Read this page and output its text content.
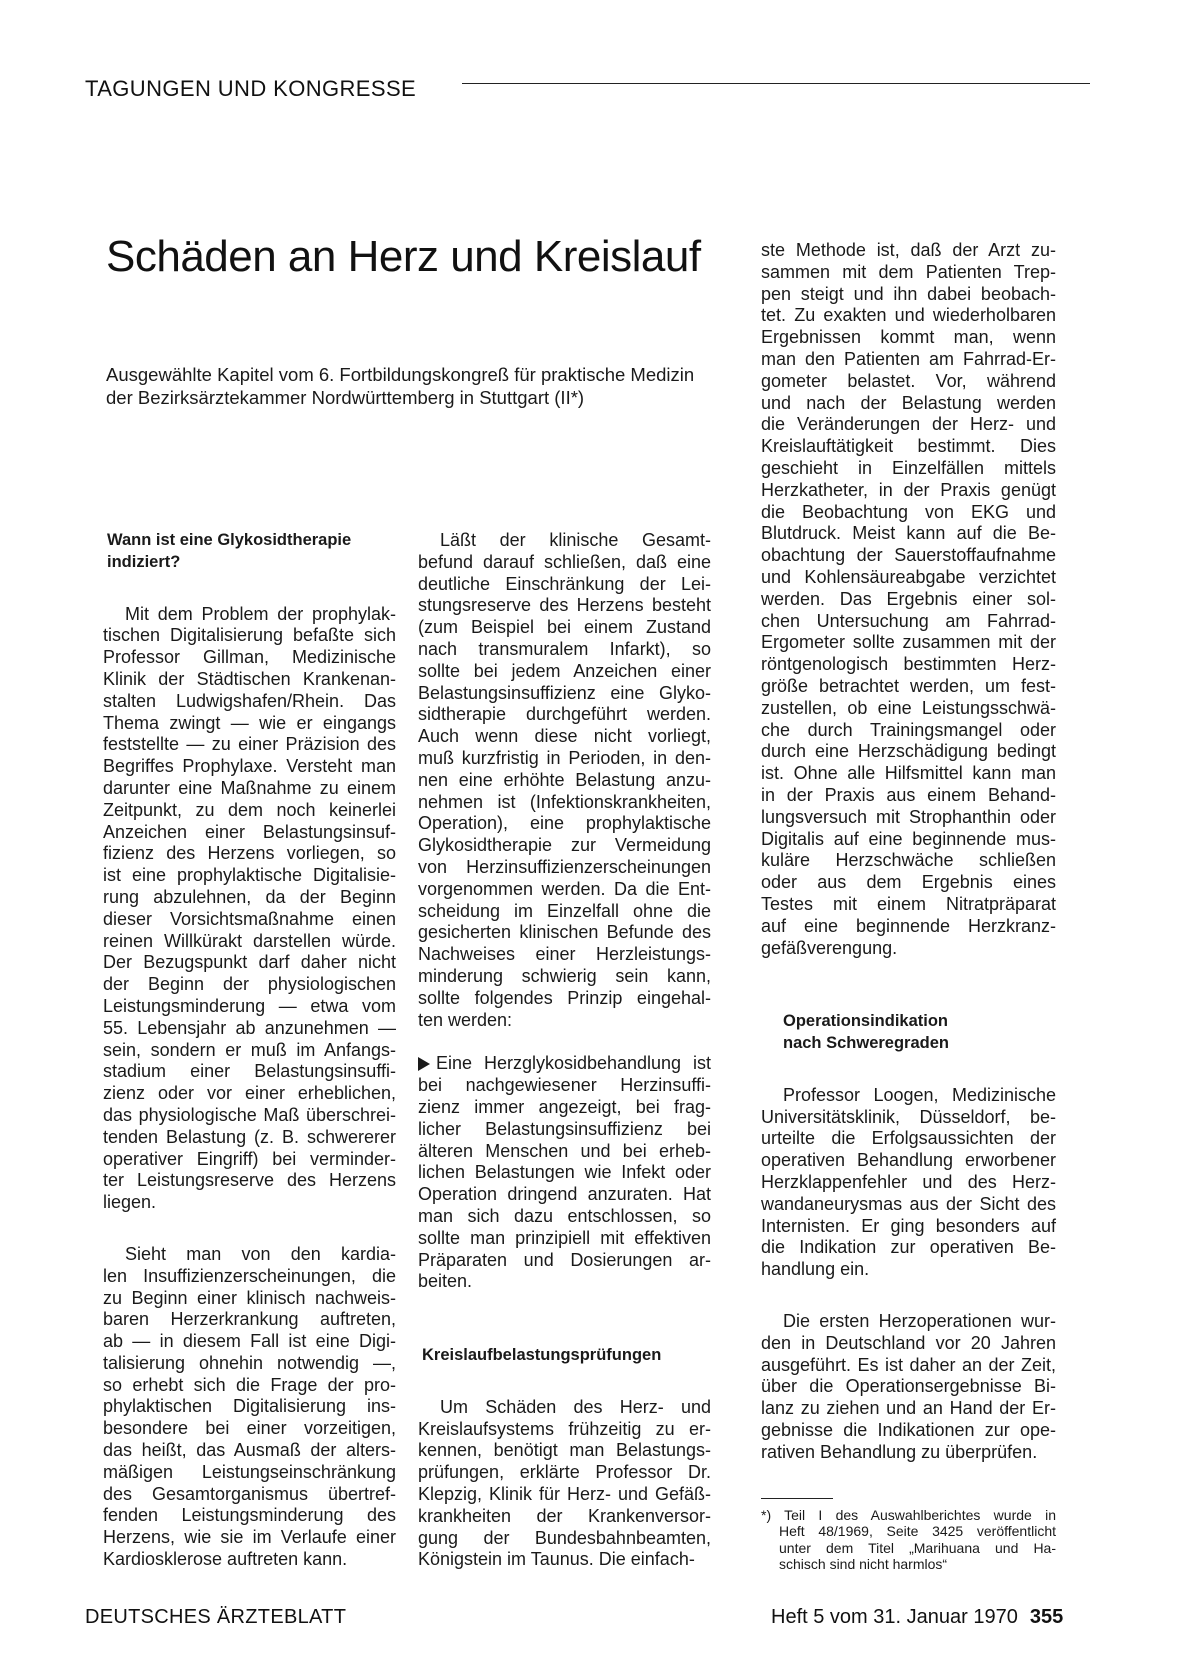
TAGUNGEN UND KONGRESSE
Schäden an Herz und Kreislauf
Ausgewählte Kapitel vom 6. Fortbildungskongreß für praktische Medizin
der Bezirksärztekammer Nordwürttemberg in Stuttgart (II*)
Wann ist eine Glykosidtherapie
indiziert?
Mit dem Problem der prophylak-
tischen Digitalisierung befaßte sich
Professor Gillman, Medizinische
Klinik der Städtischen Krankenan-
stalten Ludwigshafen/Rhein. Das
Thema zwingt — wie er eingangs
feststellte — zu einer Präzision des
Begriffes Prophylaxe. Versteht man
darunter eine Maßnahme zu einem
Zeitpunkt, zu dem noch keinerlei
Anzeichen einer Belastungsinsuf-
fizienz des Herzens vorliegen, so
ist eine prophylaktische Digitalisie-
rung abzulehnen, da der Beginn
dieser Vorsichtsmaßnahme einen
reinen Willkürakt darstellen würde.
Der Bezugspunkt darf daher nicht
der Beginn der physiologischen
Leistungsminderung — etwa vom
55. Lebensjahr ab anzunehmen —
sein, sondern er muß im Anfangs-
stadium einer Belastungsinsuffi-
zienz oder vor einer erheblichen,
das physiologische Maß überschrei-
tenden Belastung (z. B. schwererer
operativer Eingriff) bei verminder-
ter Leistungsreserve des Herzens
liegen.
Sieht man von den kardia-
len Insuffizienzerscheinungen, die
zu Beginn einer klinisch nachweis-
baren Herzerkrankung auftreten,
ab — in diesem Fall ist eine Digi-
talisierung ohnehin notwendig —,
so erhebt sich die Frage der pro-
phylaktischen Digitalisierung ins-
besondere bei einer vorzeitigen,
das heißt, das Ausmaß der alters-
mäßigen Leistungseinschränkung
des Gesamtorganismus übertref-
fenden Leistungsminderung des
Herzens, wie sie im Verlaufe einer
Kardiosklerose auftreten kann.
Läßt der klinische Gesamt-
befund darauf schließen, daß eine
deutliche Einschränkung der Lei-
stungsreserve des Herzens besteht
(zum Beispiel bei einem Zustand
nach transmuralem Infarkt), so
sollte bei jedem Anzeichen einer
Belastungsinsuffizienz eine Glyko-
sidtherapie durchgeführt werden.
Auch wenn diese nicht vorliegt,
muß kurzfristig in Perioden, in den-
nen eine erhöhte Belastung anzu-
nehmen ist (Infektionskrankheiten,
Operation), eine prophylaktische
Glykosidtherapie zur Vermeidung
von Herzinsuffizienzerscheinungen
vorgenommen werden. Da die Ent-
scheidung im Einzelfall ohne die
gesicherten klinischen Befunde des
Nachweises einer Herzleistungs-
minderung schwierig sein kann,
sollte folgendes Prinzip eingehal-
ten werden:
Eine Herzglykosidbehandlung ist
bei nachgewiesener Herzinsuffi-
zienz immer angezeigt, bei frag-
licher Belastungsinsuffizienz bei
älteren Menschen und bei erheb-
lichen Belastungen wie Infekt oder
Operation dringend anzuraten. Hat
man sich dazu entschlossen, so
sollte man prinzipiell mit effektiven
Präparaten und Dosierungen ar-
beiten.
Kreislaufbelastungsprüfungen
Um Schäden des Herz- und
Kreislaufsystems frühzeitig zu er-
kennen, benötigt man Belastungs-
prüfungen, erklärte Professor Dr.
Klepzig, Klinik für Herz- und Gefäß-
krankheiten der Krankenversor-
gung der Bundesbahnbeamten,
Königstein im Taunus. Die einfach-
ste Methode ist, daß der Arzt zu-
sammen mit dem Patienten Trep-
pen steigt und ihn dabei beobach-
tet. Zu exakten und wiederholbaren
Ergebnissen kommt man, wenn
man den Patienten am Fahrrad-Er-
gometer belastet. Vor, während
und nach der Belastung werden
die Veränderungen der Herz- und
Kreislauftätigkeit bestimmt. Dies
geschieht in Einzelfällen mittels
Herzkatheter, in der Praxis genügt
die Beobachtung von EKG und
Blutdruck. Meist kann auf die Be-
obachtung der Sauerstoffaufnahme
und Kohlensäureabgabe verzichtet
werden. Das Ergebnis einer sol-
chen Untersuchung am Fahrrad-
Ergometer sollte zusammen mit der
röntgenologisch bestimmten Herz-
größe betrachtet werden, um fest-
zustellen, ob eine Leistungsschwä-
che durch Trainingsmangel oder
durch eine Herzschädigung bedingt
ist. Ohne alle Hilfsmittel kann man
in der Praxis aus einem Behand-
lungsversuch mit Strophanthin oder
Digitalis auf eine beginnende mus-
kuläre Herzschwäche schließen
oder aus dem Ergebnis eines
Testes mit einem Nitratpräparat
auf eine beginnende Herzkranz-
gefäßverengung.
Operationsindikation
nach Schweregraden
Professor Loogen, Medizinische
Universitätsklinik, Düsseldorf, be-
urteilte die Erfolgsaussichten der
operativen Behandlung erworbener
Herzklappenfehler und des Herz-
wandaneurysmas aus der Sicht des
Internisten. Er ging besonders auf
die Indikation zur operativen Be-
handlung ein.
Die ersten Herzoperationen wur-
den in Deutschland vor 20 Jahren
ausgeführt. Es ist daher an der Zeit,
über die Operationsergebnisse Bi-
lanz zu ziehen und an Hand der Er-
gebnisse die Indikationen zur ope-
rativen Behandlung zu überprüfen.
*) Teil I des Auswahlberichtes wurde in
Heft 48/1969, Seite 3425 veröffentlicht
unter dem Titel „Marihuana und Ha-
schisch sind nicht harmlos“
DEUTSCHES ÄRZTEBLATT	Heft 5 vom 31. Januar 1970 355
